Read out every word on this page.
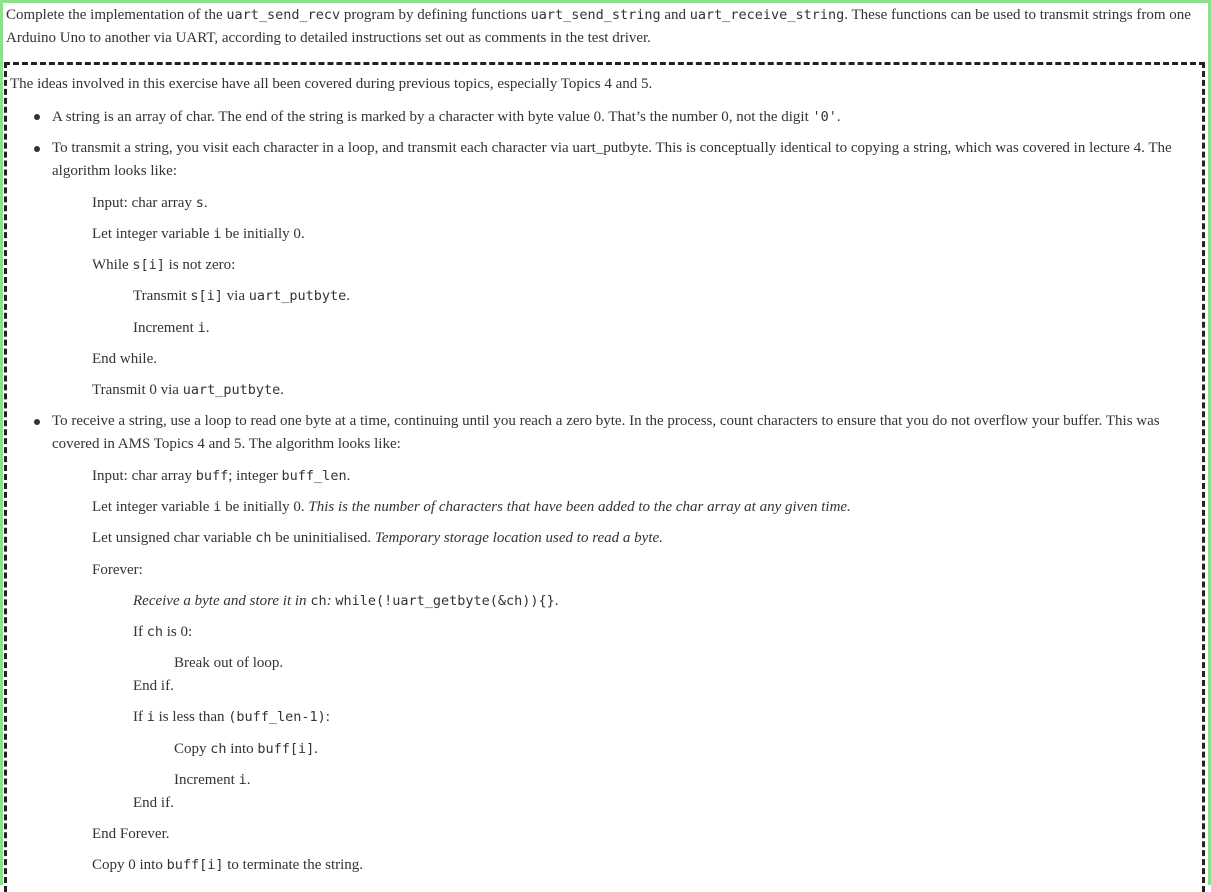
Complete the implementation of the uart_send_recv program by defining functions uart_send_string and uart_receive_string. These functions can be used to transmit strings from one Arduino Uno to another via UART, according to detailed instructions set out as comments in the test driver.
The ideas involved in this exercise have all been covered during previous topics, especially Topics 4 and 5.
A string is an array of char. The end of the string is marked by a character with byte value 0. That’s the number 0, not the digit '0'.
To transmit a string, you visit each character in a loop, and transmit each character via uart_putbyte. This is conceptually identical to copying a string, which was covered in lecture 4. The algorithm looks like:
Input: char array s.
Let integer variable i be initially 0.
While s[i] is not zero:
Transmit s[i] via uart_putbyte.
Increment i.
End while.
Transmit 0 via uart_putbyte.
To receive a string, use a loop to read one byte at a time, continuing until you reach a zero byte. In the process, count characters to ensure that you do not overflow your buffer. This was covered in AMS Topics 4 and 5. The algorithm looks like:
Input: char array buff; integer buff_len.
Let integer variable i be initially 0. This is the number of characters that have been added to the char array at any given time.
Let unsigned char variable ch be uninitialised. Temporary storage location used to read a byte.
Forever:
Receive a byte and store it in ch: while(!uart_getbyte(&ch)){}.
If ch is 0:
Break out of loop.
End if.
If i is less than (buff_len-1):
Copy ch into buff[i].
Increment i.
End if.
End Forever.
Copy 0 into buff[i] to terminate the string.
